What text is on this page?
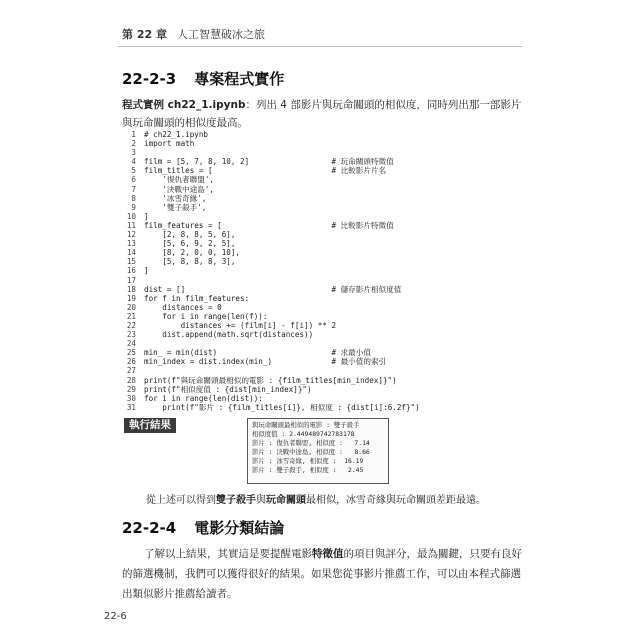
第 22 章 人工智慧破冰之旅
22-2-3 專案程式實作
程式實例 ch22_1.ipynb：列出 4 部影片與玩命關頭的相似度，同時列出那一部影片與玩命關頭的相似度最高。
1	# ch22_1.ipynb
2	import math
3
4	film = [5, 7, 8, 10, 2]                  # 玩命關頭特徵值
5	film_titles = [                          # 比較影片片名
6	'復仇者聯盟',
7	'決戰中途島',
8	'冰雪奇緣',
9	'雙子殺手',
10	]
11	film_features = [                        # 比較影片特徵值
12	[2, 8, 8, 5, 6],
13	[5, 6, 9, 2, 5],
14	[8, 2, 0, 0, 10],
15	[5, 8, 8, 8, 3],
16	]
17
18	dist = []                                # 儲存影片相似度值
19	for f in film_features:
20	distances = 0
21	for i in range(len(f)):
22	distances += (film[i] - f[i]) ** 2
23	dist.append(math.sqrt(distances))
24
25	min_ = min(dist)                         # 求最小值
26	min_index = dist.index(min_)             # 最小值的索引
27
28	print(f"與玩命關頭最相似的電影 : {film_titles[min_index]}")
29	print(f"相似度值 : {dist[min_index]}")
30	for i in range(len(dist)):
31	print(f"影片 : {film_titles[i]}, 相似度 : {dist[i]:6.2f}")
執行結果	與玩命關頭最相似的電影 : 雙子殺手
相似度值 : 2.449489742783178
影片 : 復仇者聯盟, 相似度 :   7.14
影片 : 決戰中途島, 相似度 :   8.66
影片 : 冰雪奇緣, 相似度 :  16.19
影片 : 雙子殺手, 相似度 :   2.45
從上述可以得到雙子殺手與玩命關頭最相似，冰雪奇緣與玩命關頭差距最遠。
22-2-4 電影分類結論
了解以上結果，其實這是要提醒電影特徵值的項目與評分，最為關鍵，只要有良好的篩選機制，我們可以獲得很好的結果。如果您從事影片推薦工作，可以由本程式篩選出類似影片推薦給讀者。
22-6
